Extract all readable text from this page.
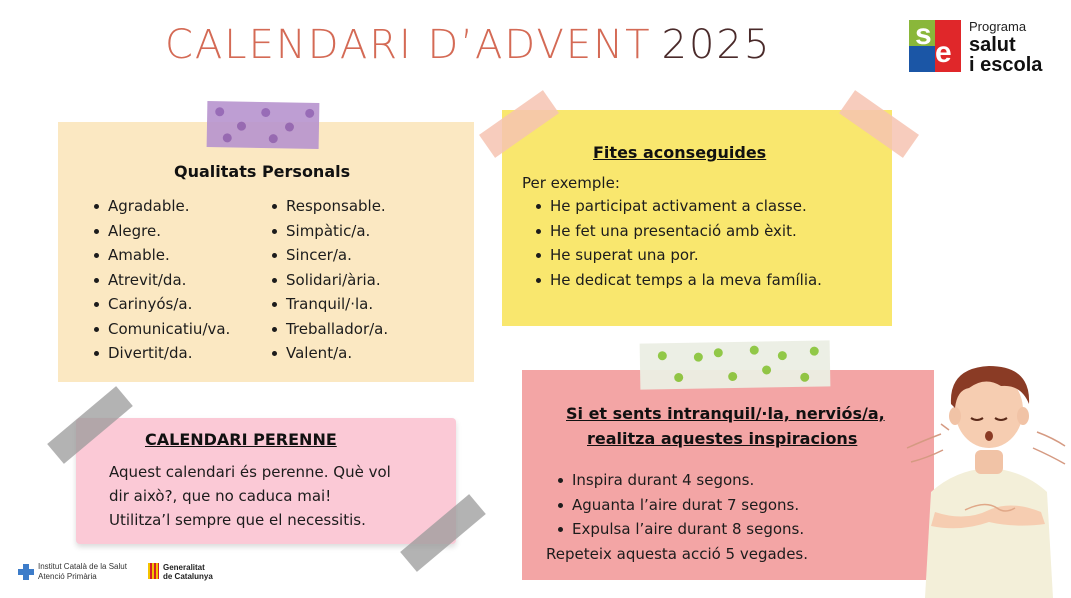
CALENDARI D’ADVENT 2025	s
e
Programa
salut
i escola
Qualitats Personals
Agradable.
Alegre.
Amable.
Atrevit/da.
Carinyós/a.
Comunicatiu/va.
Divertit/da.
Responsable.
Simpàtic/a.
Sincer/a.
Solidari/ària.
Tranquil/·la.
Treballador/a.
Valent/a.
Fites aconseguides
Per exemple:
He participat activament a classe.
He fet una presentació amb èxit.
He superat una por.
He dedicat temps a la meva família.
CALENDARI PERENNE
Aquest calendari és perenne. Què vol
dir això?, que no caduca mai!
Utilitza’l sempre que el necessitis.
Si et sents intranquil/·la, nerviós/a,
realitza aquestes inspiracions
Inspira durant 4 segons.
Aguanta l’aire durat 7 segons.
Expulsa l’aire durant 8 segons.
Repeteix aquesta acció 5 vegades.
Institut Català de la Salut
Atenció Primària
Generalitat
de Catalunya
